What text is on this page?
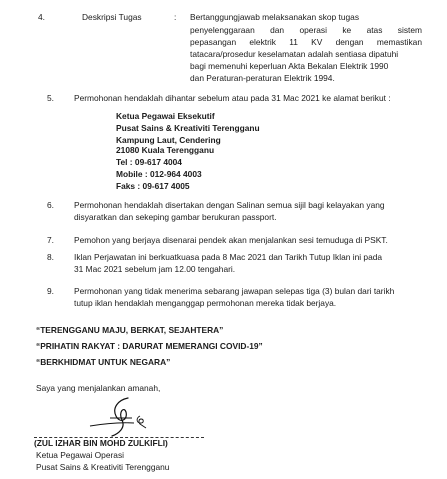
4.	Deskripsi Tugas	: Bertanggungjawab melaksanakan skop tugas
penyelenggaraan dan operasi ke atas sistem
pepasangan elektrik 11 KV dengan memastikan
tatacara/prosedur keselamatan adalah sentiasa dipatuhi
bagi memenuhi keperluan Akta Bekalan Elektrik 1990
dan Peraturan-peraturan Elektrik 1994.
5. Permohonan hendaklah dihantar sebelum atau pada 31 Mac 2021 ke alamat berikut :
Ketua Pegawai Eksekutif
Pusat Sains & Kreativiti Terengganu
Kampung Laut, Cendering
21080 Kuala Terengganu
Tel : 09-617 4004
Mobile : 012-964 4003
Faks : 09-617 4005
6. Permohonan hendaklah disertakan dengan Salinan semua sijil bagi kelayakan yang
disyaratkan dan sekeping gambar berukuran passport.
7. Pemohon yang berjaya disenarai pendek akan menjalankan sesi temuduga di PSKT.
8. Iklan Perjawatan ini berkuatkuasa pada 8 Mac 2021 dan Tarikh Tutup Iklan ini pada
31 Mac 2021 sebelum jam 12.00 tengahari.
9. Permohonan yang tidak menerima sebarang jawapan selepas tiga (3) bulan dari tarikh
tutup iklan hendaklah menganggap permohonan mereka tidak berjaya.
“TERENGGANU MAJU, BERKAT, SEJAHTERA”
“PRIHATIN RAKYAT : DARURAT MEMERANGI COVID-19”
“BERKHIDMAT UNTUK NEGARA”
Saya yang menjalankan amanah,
(ZUL IZHAR BIN MOHD ZULKIFLI)
Ketua Pegawai Operasi
Pusat Sains & Kreativiti Terengganu
